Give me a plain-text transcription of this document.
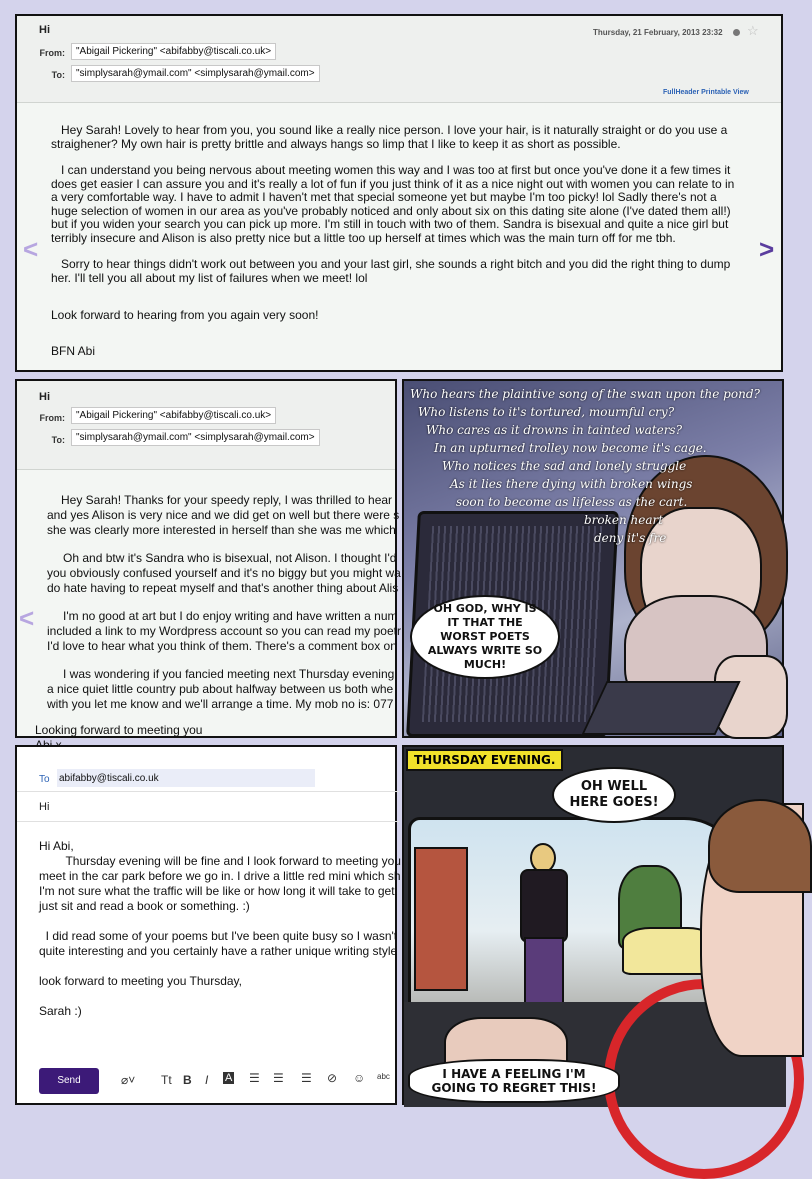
Hi
From:	"Abigail Pickering" <abifabby@tiscali.co.uk>
To:	"simplysarah@ymail.com" <simplysarah@ymail.com>
Thursday, 21 February, 2013 23:32 ☆
FullHeader Printable View
<	>

Hey Sarah! Lovely to hear from you, you sound like a really nice person. I love your hair, is it naturally straight or do you use a straighener? My own hair is pretty brittle and always hangs so limp that I like to keep it as short as possible.

I can understand you being nervous about meeting women this way and I was too at first but once you've done it a few times it does get easier I can assure you and it's really a lot of fun if you just think of it as a nice night out with women you can relate to in a very comfortable way. I have to admit I haven't met that special someone yet but maybe I'm too picky! lol Sadly there's not a huge selection of women in our area as you've probably noticed and only about six on this dating site alone (I've dated them all!) but if you widen your search you can pick up more. I'm still in touch with two of them. Sandra is bisexual and quite a nice girl but terribly insecure and Alison is also pretty nice but a little too up herself at times which was the main turn off for me tbh.

Sorry to hear things didn't work out between you and your last girl, she sounds a right bitch and you did the right thing to dump her. I'll tell you all about my list of failures when we meet! lol

Look forward to hearing from you again very soon!

BFN Abi

Hi
From:	"Abigail Pickering" <abifabby@tiscali.co.uk>
To:	"simplysarah@ymail.com" <simplysarah@ymail.com>
<
Hey Sarah! Thanks for your speedy reply, I was thrilled to hear
and yes Alison is very nice and we did get on well but there were s
she was clearly more interested in herself than she was me which
Oh and btw it's Sandra who is bisexual, not Alison. I thought I'd
you obviously confused yourself and it's no biggy but you might wa
do hate having to repeat myself and that's another thing about Alis
I'm no good at art but I do enjoy writing and have written a num
included a link to my Wordpress account so you can read my poetr
I'd love to hear what you think of them. There's a comment box on
I was wondering if you fancied meeting next Thursday evening
a nice quiet little country pub about halfway between us both whe
with you let me know and we'll arrange a time. My mob no is: 077
Looking forward to meeting you
Who hears the plaintive song of the swan upon the pond?
Who listens to it's tortured, mournful cry?
Who cares as it drowns in tainted waters?
In an upturned trolley now become it's cage.
Who notices the sad and lonely struggle
As it lies there dying with broken wings
soon to become as lifeless as the cart.
broken heart
deny it's fre
OH GOD, WHY IS IT THAT THE WORST POETS ALWAYS WRITE SO MUCH!
To abifabby@tiscali.co.uk
Hi
Hi Abi,
Thursday evening will be fine and I look forward to meeting you
meet in the car park before we go in. I drive a little red mini which sh
I'm not sure what the traffic will be like or how long it will take to get
just sit and read a book or something. :)
I did read some of your poems but I've been quite busy so I wasn't
quite interesting and you certainly have a rather unique writing style
look forward to meeting you Thursday,
Sarah :)
Send	⌀˅ Tt B I A ☰ ☰ ☰ ⊘ ☺ abc
THURSDAY EVENING.
OH WELL HERE GOES!
I HAVE A FEELING I'M GOING TO REGRET THIS!
